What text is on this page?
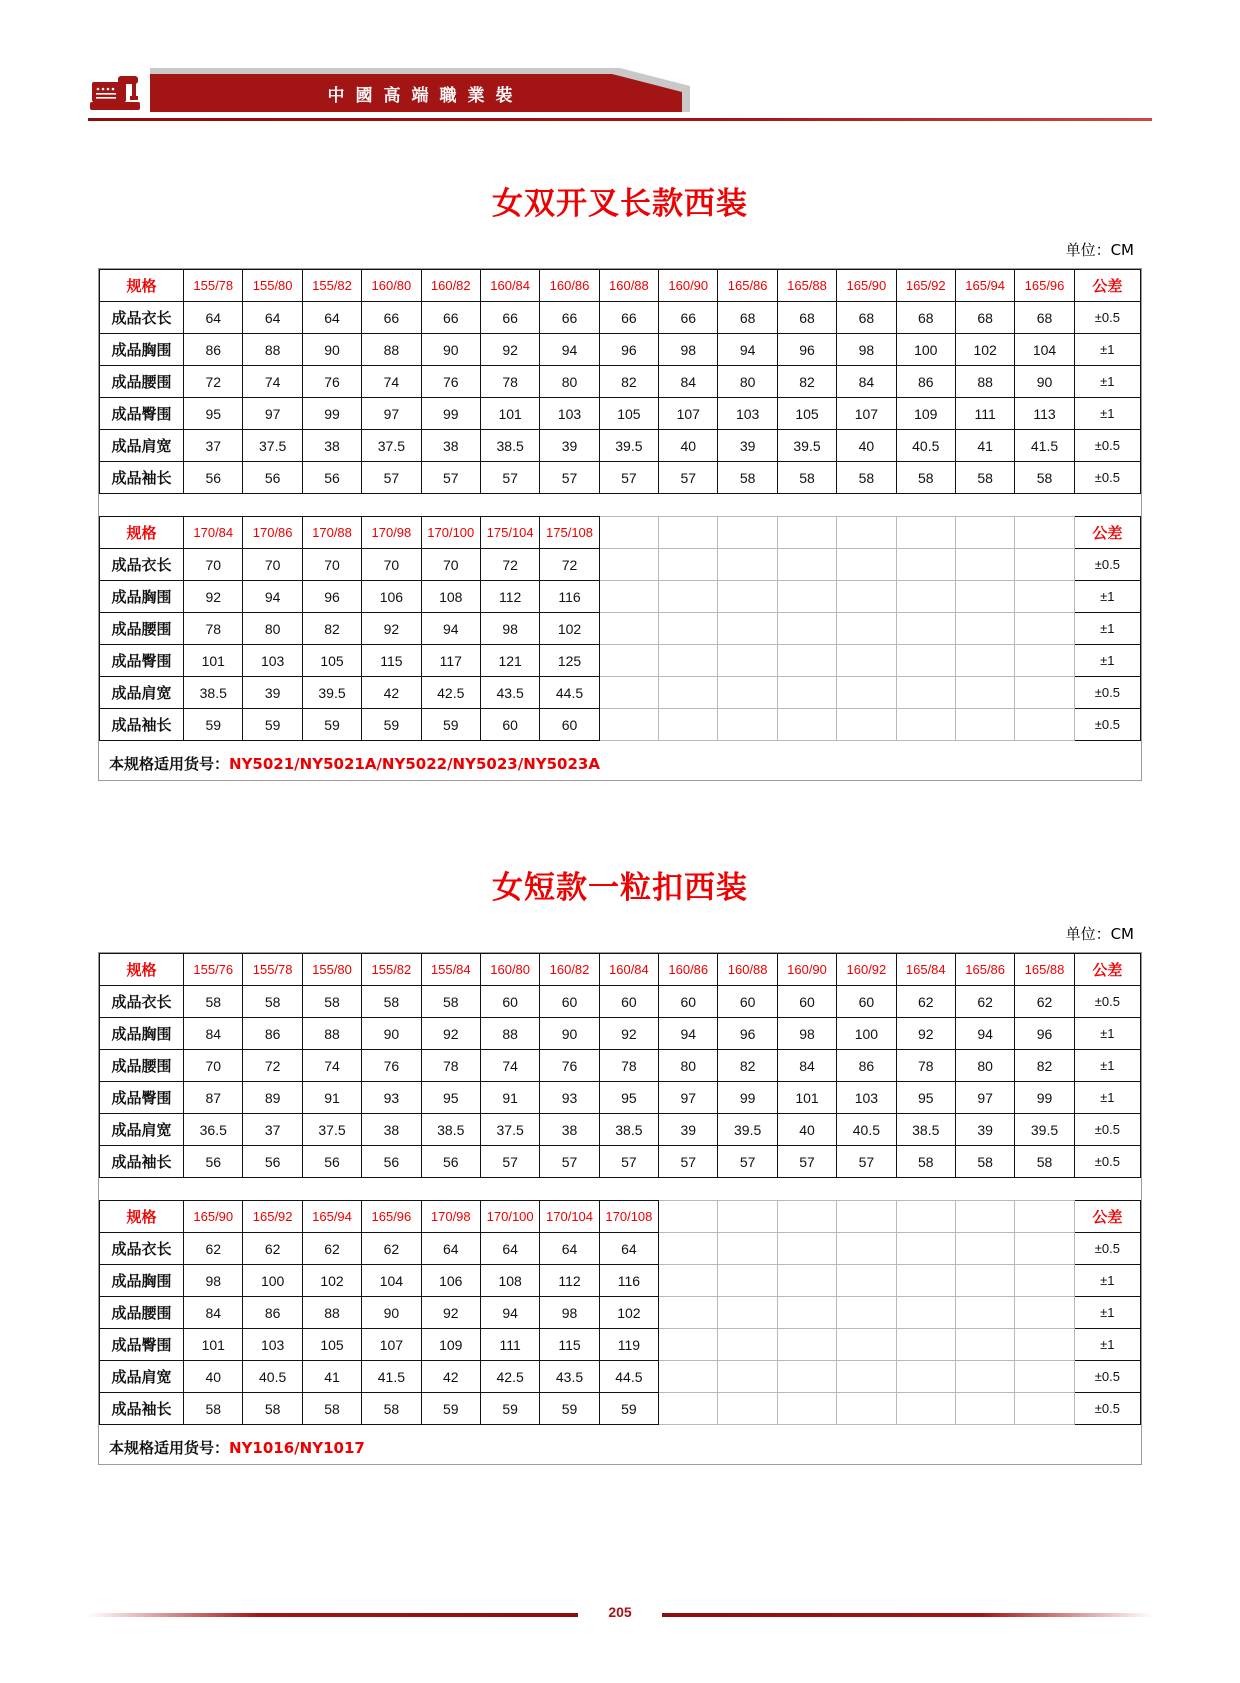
中國高端職業裝
女双开叉长款西装
单位：CM
规格	155/78	155/80	155/82	160/80	160/82	160/84	160/86	160/88	160/90	165/86	165/88	165/90	165/92	165/94	165/96	公差
成品衣长	64	64	64	66	66	66	66	66	66	68	68	68	68	68	68	±0.5
成品胸围	86	88	90	88	90	92	94	96	98	94	96	98	100	102	104	±1
成品腰围	72	74	76	74	76	78	80	82	84	80	82	84	86	88	90	±1
成品臀围	95	97	99	97	99	101	103	105	107	103	105	107	109	111	113	±1
成品肩宽	37	37.5	38	37.5	38	38.5	39	39.5	40	39	39.5	40	40.5	41	41.5	±0.5
成品袖长	56	56	56	57	57	57	57	57	57	58	58	58	58	58	58	±0.5
规格	170/84	170/86	170/88	170/98	170/100	175/104	175/108									公差
成品衣长	70	70	70	70	70	72	72									±0.5
成品胸围	92	94	96	106	108	112	116									±1
成品腰围	78	80	82	92	94	98	102									±1
成品臀围	101	103	105	115	117	121	125									±1
成品肩宽	38.5	39	39.5	42	42.5	43.5	44.5									±0.5
成品袖长	59	59	59	59	59	60	60									±0.5
本规格适用货号：NY5021/NY5021A/NY5022/NY5023/NY5023A
女短款一粒扣西装
单位：CM
规格	155/76	155/78	155/80	155/82	155/84	160/80	160/82	160/84	160/86	160/88	160/90	160/92	165/84	165/86	165/88	公差
成品衣长	58	58	58	58	58	60	60	60	60	60	60	60	62	62	62	±0.5
成品胸围	84	86	88	90	92	88	90	92	94	96	98	100	92	94	96	±1
成品腰围	70	72	74	76	78	74	76	78	80	82	84	86	78	80	82	±1
成品臀围	87	89	91	93	95	91	93	95	97	99	101	103	95	97	99	±1
成品肩宽	36.5	37	37.5	38	38.5	37.5	38	38.5	39	39.5	40	40.5	38.5	39	39.5	±0.5
成品袖长	56	56	56	56	56	57	57	57	57	57	57	57	58	58	58	±0.5
规格	165/90	165/92	165/94	165/96	170/98	170/100	170/104	170/108								公差
成品衣长	62	62	62	62	64	64	64	64								±0.5
成品胸围	98	100	102	104	106	108	112	116								±1
成品腰围	84	86	88	90	92	94	98	102								±1
成品臀围	101	103	105	107	109	111	115	119								±1
成品肩宽	40	40.5	41	41.5	42	42.5	43.5	44.5								±0.5
成品袖长	58	58	58	58	59	59	59	59								±0.5
本规格适用货号：NY1016/NY1017
205
